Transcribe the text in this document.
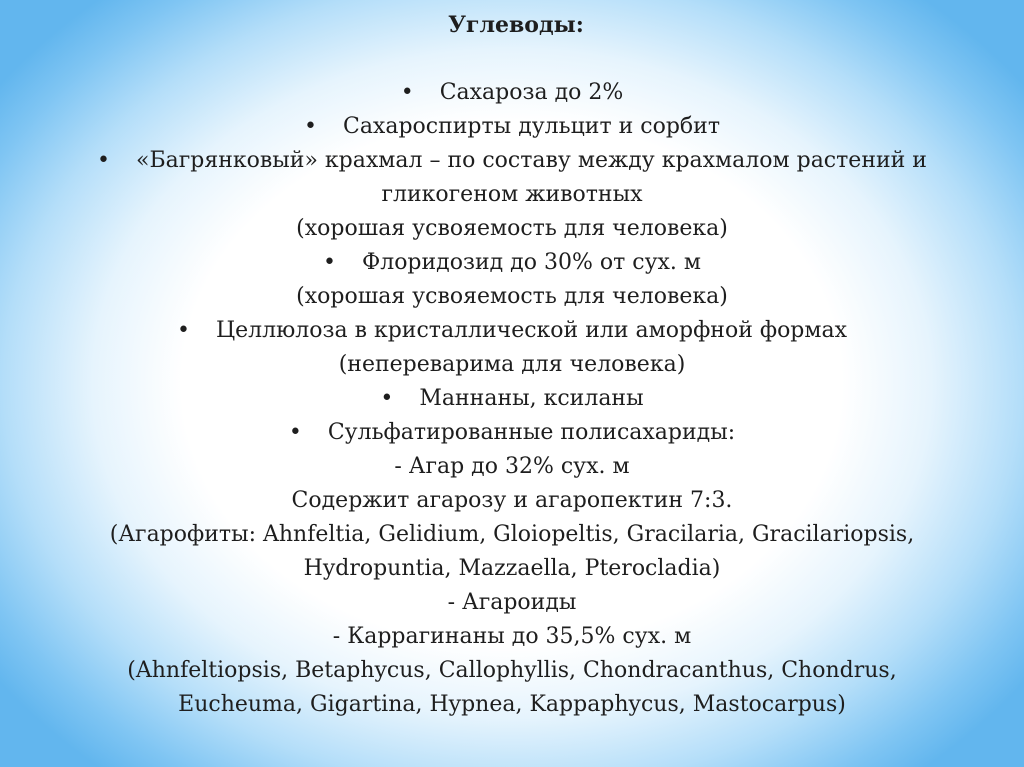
Углеводы:
• Сахароза до 2%
• Сахароспирты дульцит и сорбит
• «Багрянковый» крахмал – по составу между крахмалом растений и
гликогеном животных
(хорошая усвояемость для человека)
• Флоридозид до 30% от сух. м
(хорошая усвояемость для человека)
• Целлюлоза в кристаллической или аморфной формах
(непереварима для человека)
• Маннаны, ксиланы
• Сульфатированные полисахариды:
- Агар до 32% сух. м
Содержит агарозу и агаропектин 7:3.
(Агарофиты: Ahnfeltia, Gelidium, Gloiopeltis, Gracilaria, Gracilariopsis,
Hydropuntia, Mazzaella, Pterocladia)
- Агароиды
- Каррагинаны до 35,5% сух. м
(Ahnfeltiopsis, Betaphycus, Callophyllis, Chondracanthus, Chondrus,
Eucheuma, Gigartina, Hypnea, Kappaphycus, Mastocarpus)
